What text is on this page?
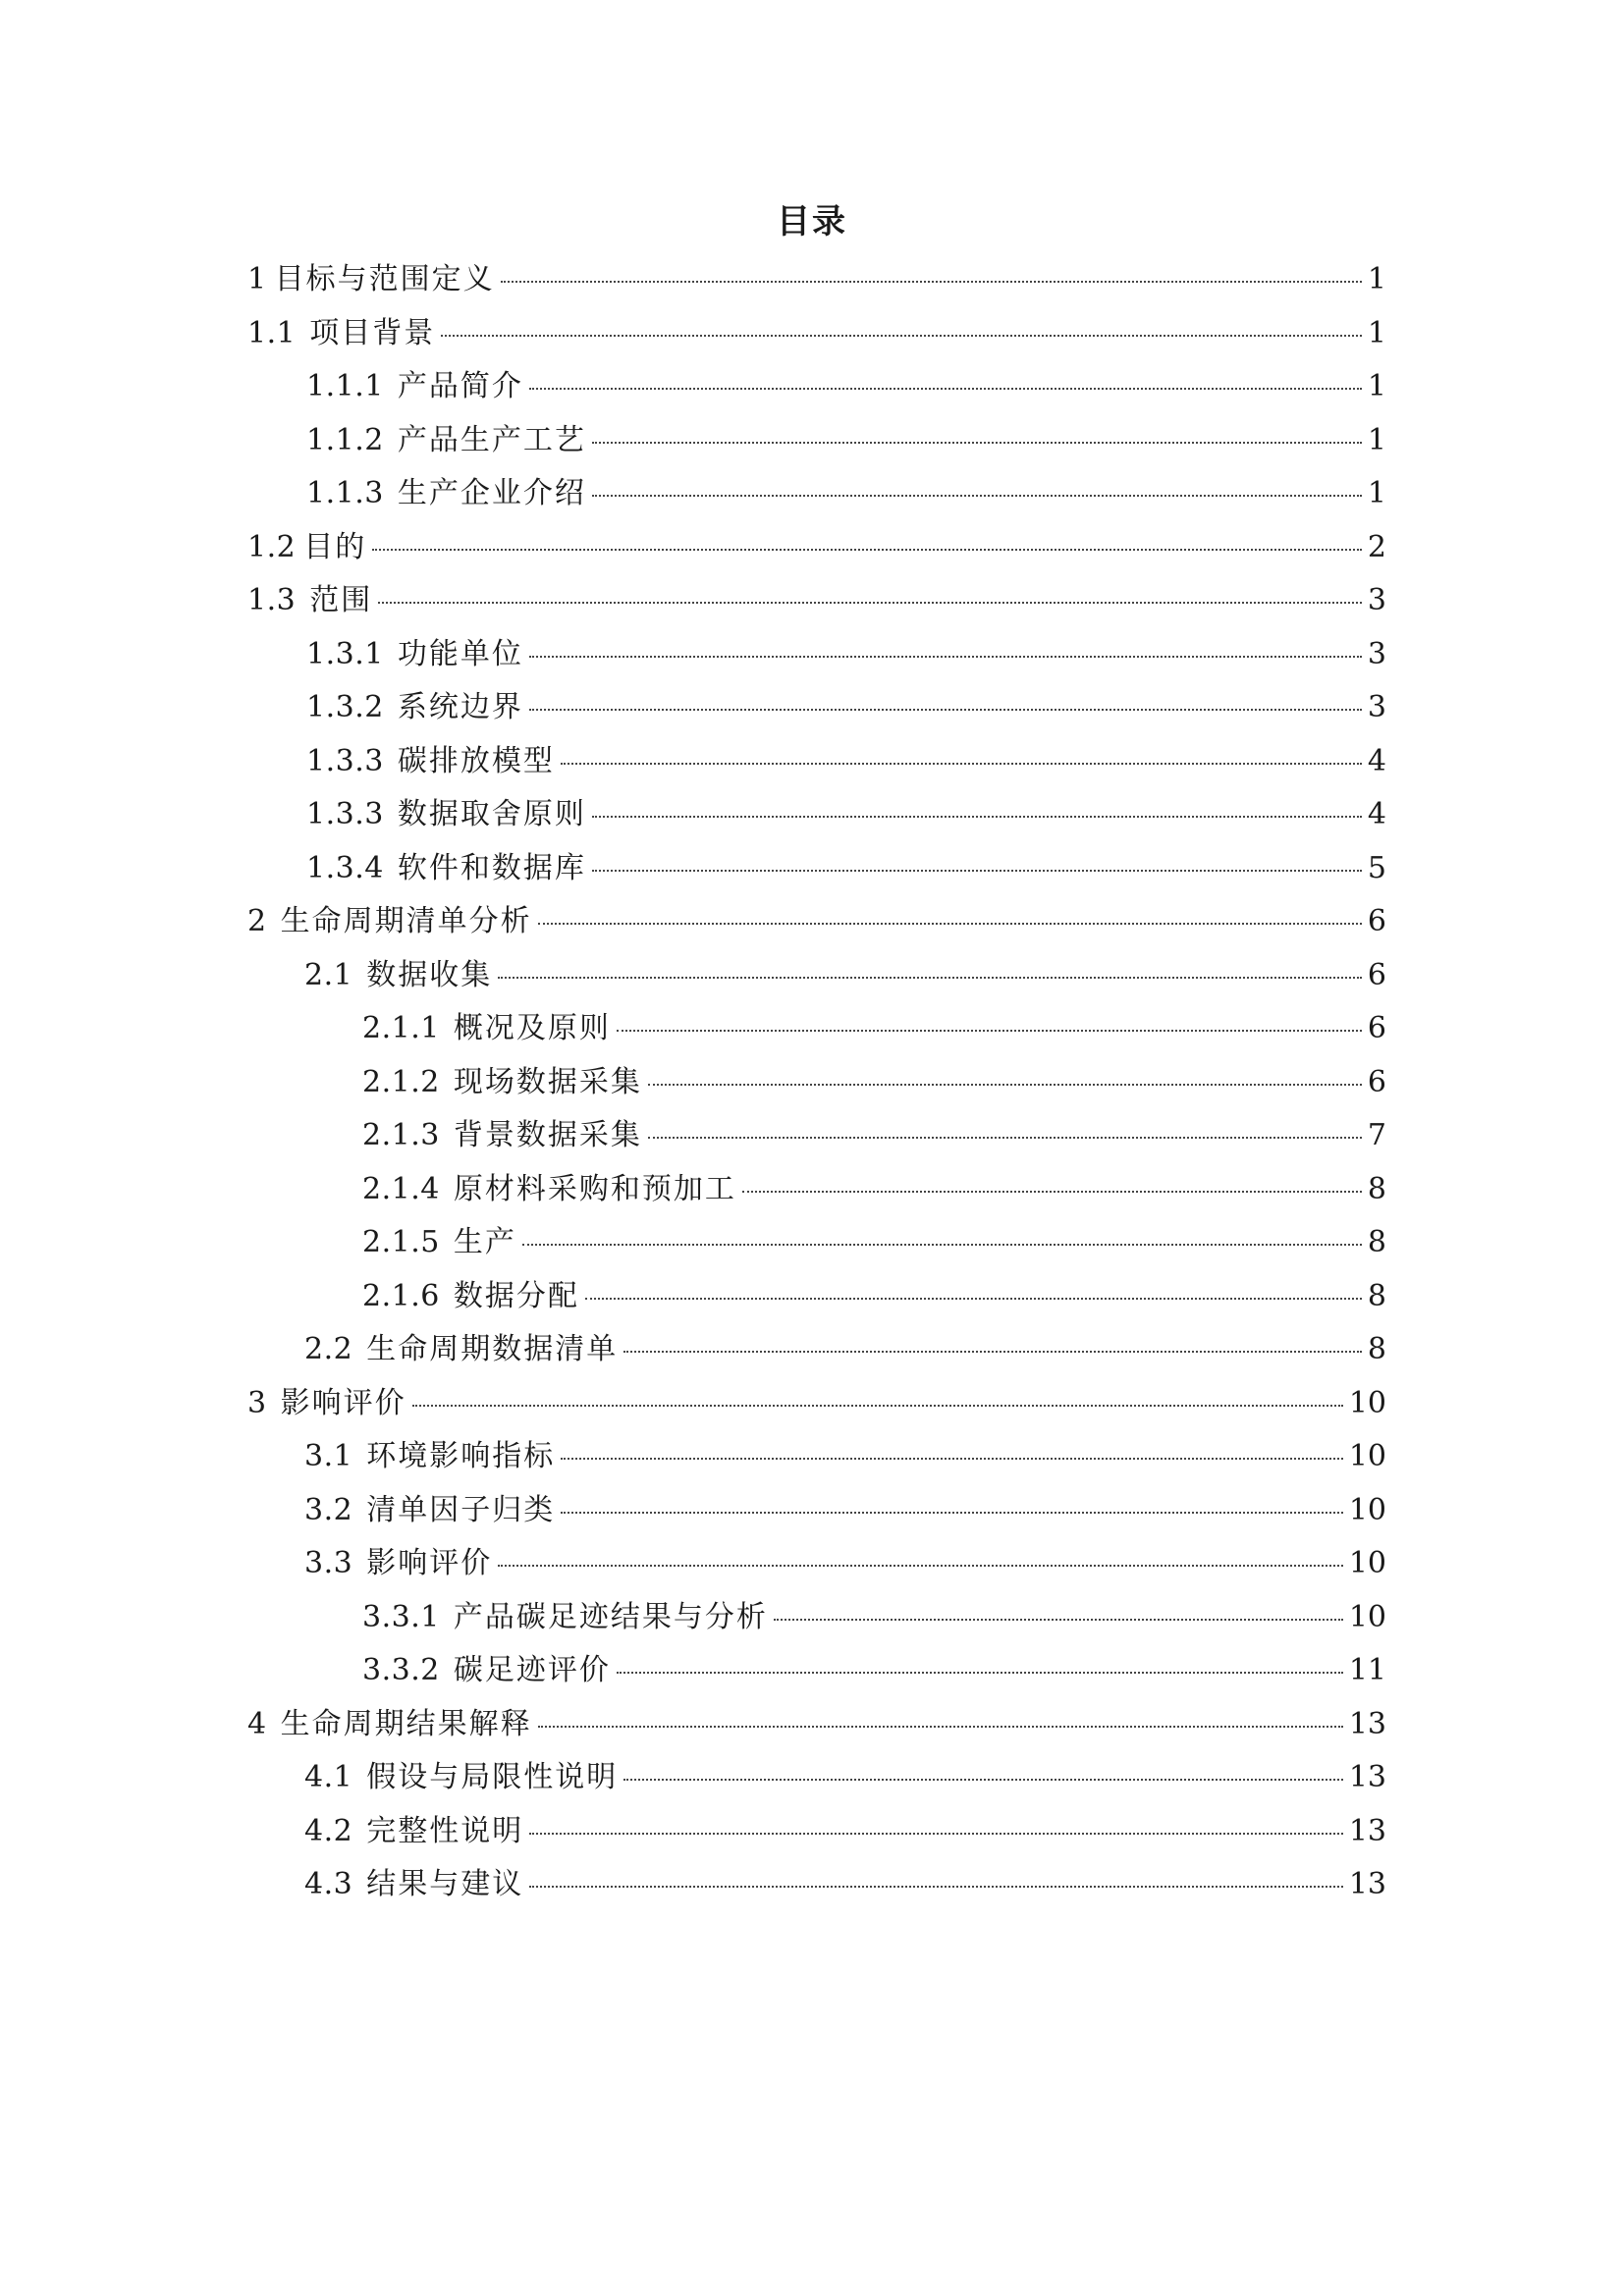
目录
1 目标与范围定义	1
1.1 项目背景	1
1.1.1 产品简介	1
1.1.2 产品生产工艺	1
1.1.3 生产企业介绍	1
1.2 目的	2
1.3 范围	3
1.3.1 功能单位	3
1.3.2 系统边界	3
1.3.3 碳排放模型	4
1.3.3 数据取舍原则	4
1.3.4 软件和数据库	5
2 生命周期清单分析	6
2.1 数据收集	6
2.1.1 概况及原则	6
2.1.2 现场数据采集	6
2.1.3 背景数据采集	7
2.1.4 原材料采购和预加工	8
2.1.5 生产	8
2.1.6 数据分配	8
2.2 生命周期数据清单	8
3 影响评价	10
3.1 环境影响指标	10
3.2 清单因子归类	10
3.3 影响评价	10
3.3.1 产品碳足迹结果与分析	10
3.3.2 碳足迹评价	11
4 生命周期结果解释	13
4.1 假设与局限性说明	13
4.2 完整性说明	13
4.3 结果与建议	13
